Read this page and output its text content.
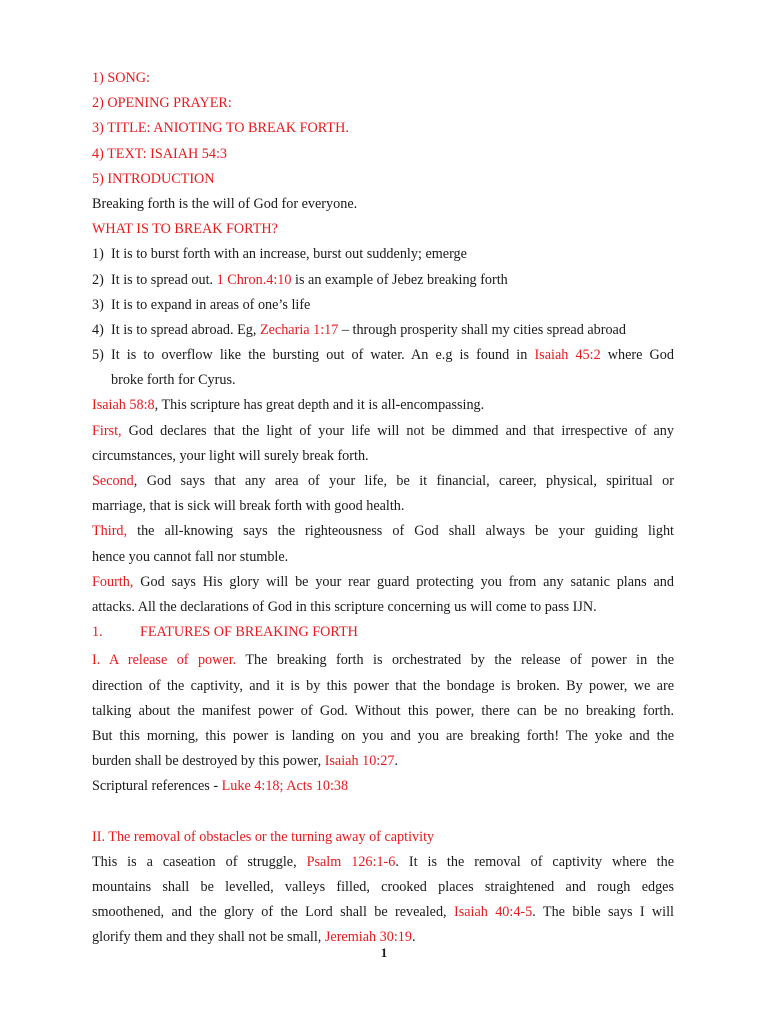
1) SONG:
2) OPENING PRAYER:
3) TITLE: ANIOTING TO BREAK FORTH.
4) TEXT: ISAIAH 54:3
5) INTRODUCTION
Breaking forth is the will of God for everyone.
WHAT IS TO BREAK FORTH?
1) It is to burst forth with an increase, burst out suddenly; emerge
2) It is to spread out. 1 Chron.4:10 is an example of Jebez breaking forth
3) It is to expand in areas of one’s life
4) It is to spread abroad. Eg, Zecharia 1:17 – through prosperity shall my cities spread abroad
5) It is to overflow like the bursting out of water. An e.g is found in Isaiah 45:2 where God
broke forth for Cyrus.
Isaiah 58:8, This scripture has great depth and it is all-encompassing.
First, God declares that the light of your life will not be dimmed and that irrespective of any
circumstances, your light will surely break forth.
Second, God says that any area of your life, be it financial, career, physical, spiritual or
marriage, that is sick will break forth with good health.
Third, the all-knowing says the righteousness of God shall always be your guiding light
hence you cannot fall nor stumble.
Fourth, God says His glory will be your rear guard protecting you from any satanic plans and
attacks. All the declarations of God in this scripture concerning us will come to pass IJN.
1.	FEATURES OF BREAKING FORTH
I. A release of power. The breaking forth is orchestrated by the release of power in the
direction of the captivity, and it is by this power that the bondage is broken. By power, we are
talking about the manifest power of God. Without this power, there can be no breaking forth.
But this morning, this power is landing on you and you are breaking forth! The yoke and the
burden shall be destroyed by this power, Isaiah 10:27.
Scriptural references - Luke 4:18; Acts 10:38
II. The removal of obstacles or the turning away of captivity
This is a caseation of struggle, Psalm 126:1-6. It is the removal of captivity where the
mountains shall be levelled, valleys filled, crooked places straightened and rough edges
smoothened, and the glory of the Lord shall be revealed, Isaiah 40:4-5. The bible says I will
glorify them and they shall not be small, Jeremiah 30:19.
1
